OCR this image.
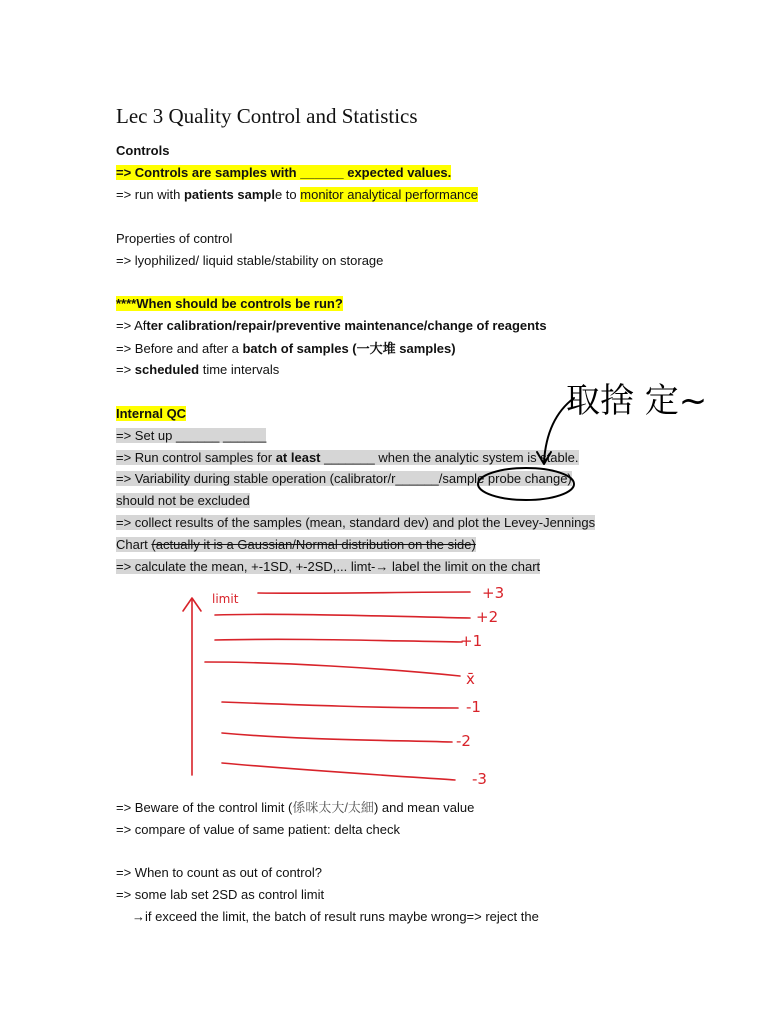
Lec 3 Quality Control and Statistics
Controls
=> Controls are samples with ______ expected values.
=> run with patients sample to monitor analytical performance
Properties of control
=> lyophilized/ liquid stable/stability on storage
****When should be controls be run?
=> After calibration/repair/preventive maintenance/change of reagents
=> Before and after a batch of samples (一大堆 samples)
=> scheduled time intervals
Internal QC
=> Set up ______ ______
=> Run control samples for at least _______ when the analytic system is stable.
=> Variability during stable operation (calibrator/r______/sample probe change)
should not be excluded
=> collect results of the samples (mean, standard dev) and plot the Levey-Jennings
Chart (actually it is a Gaussian/Normal distribution on the side)
=> calculate the mean, +-1SD, +-2SD,... limt-→ label the limit on the chart
=> Beware of the control limit (係咪太大/太細) and mean value
=> compare of value of same patient: delta check
=> When to count as out of control?
=> some lab set 2SD as control limit
→if exceed the limit, the batch of result runs maybe wrong=> reject the
取捨 定~
limit	+3
+2
+1
x̄
-1
-2
-3
